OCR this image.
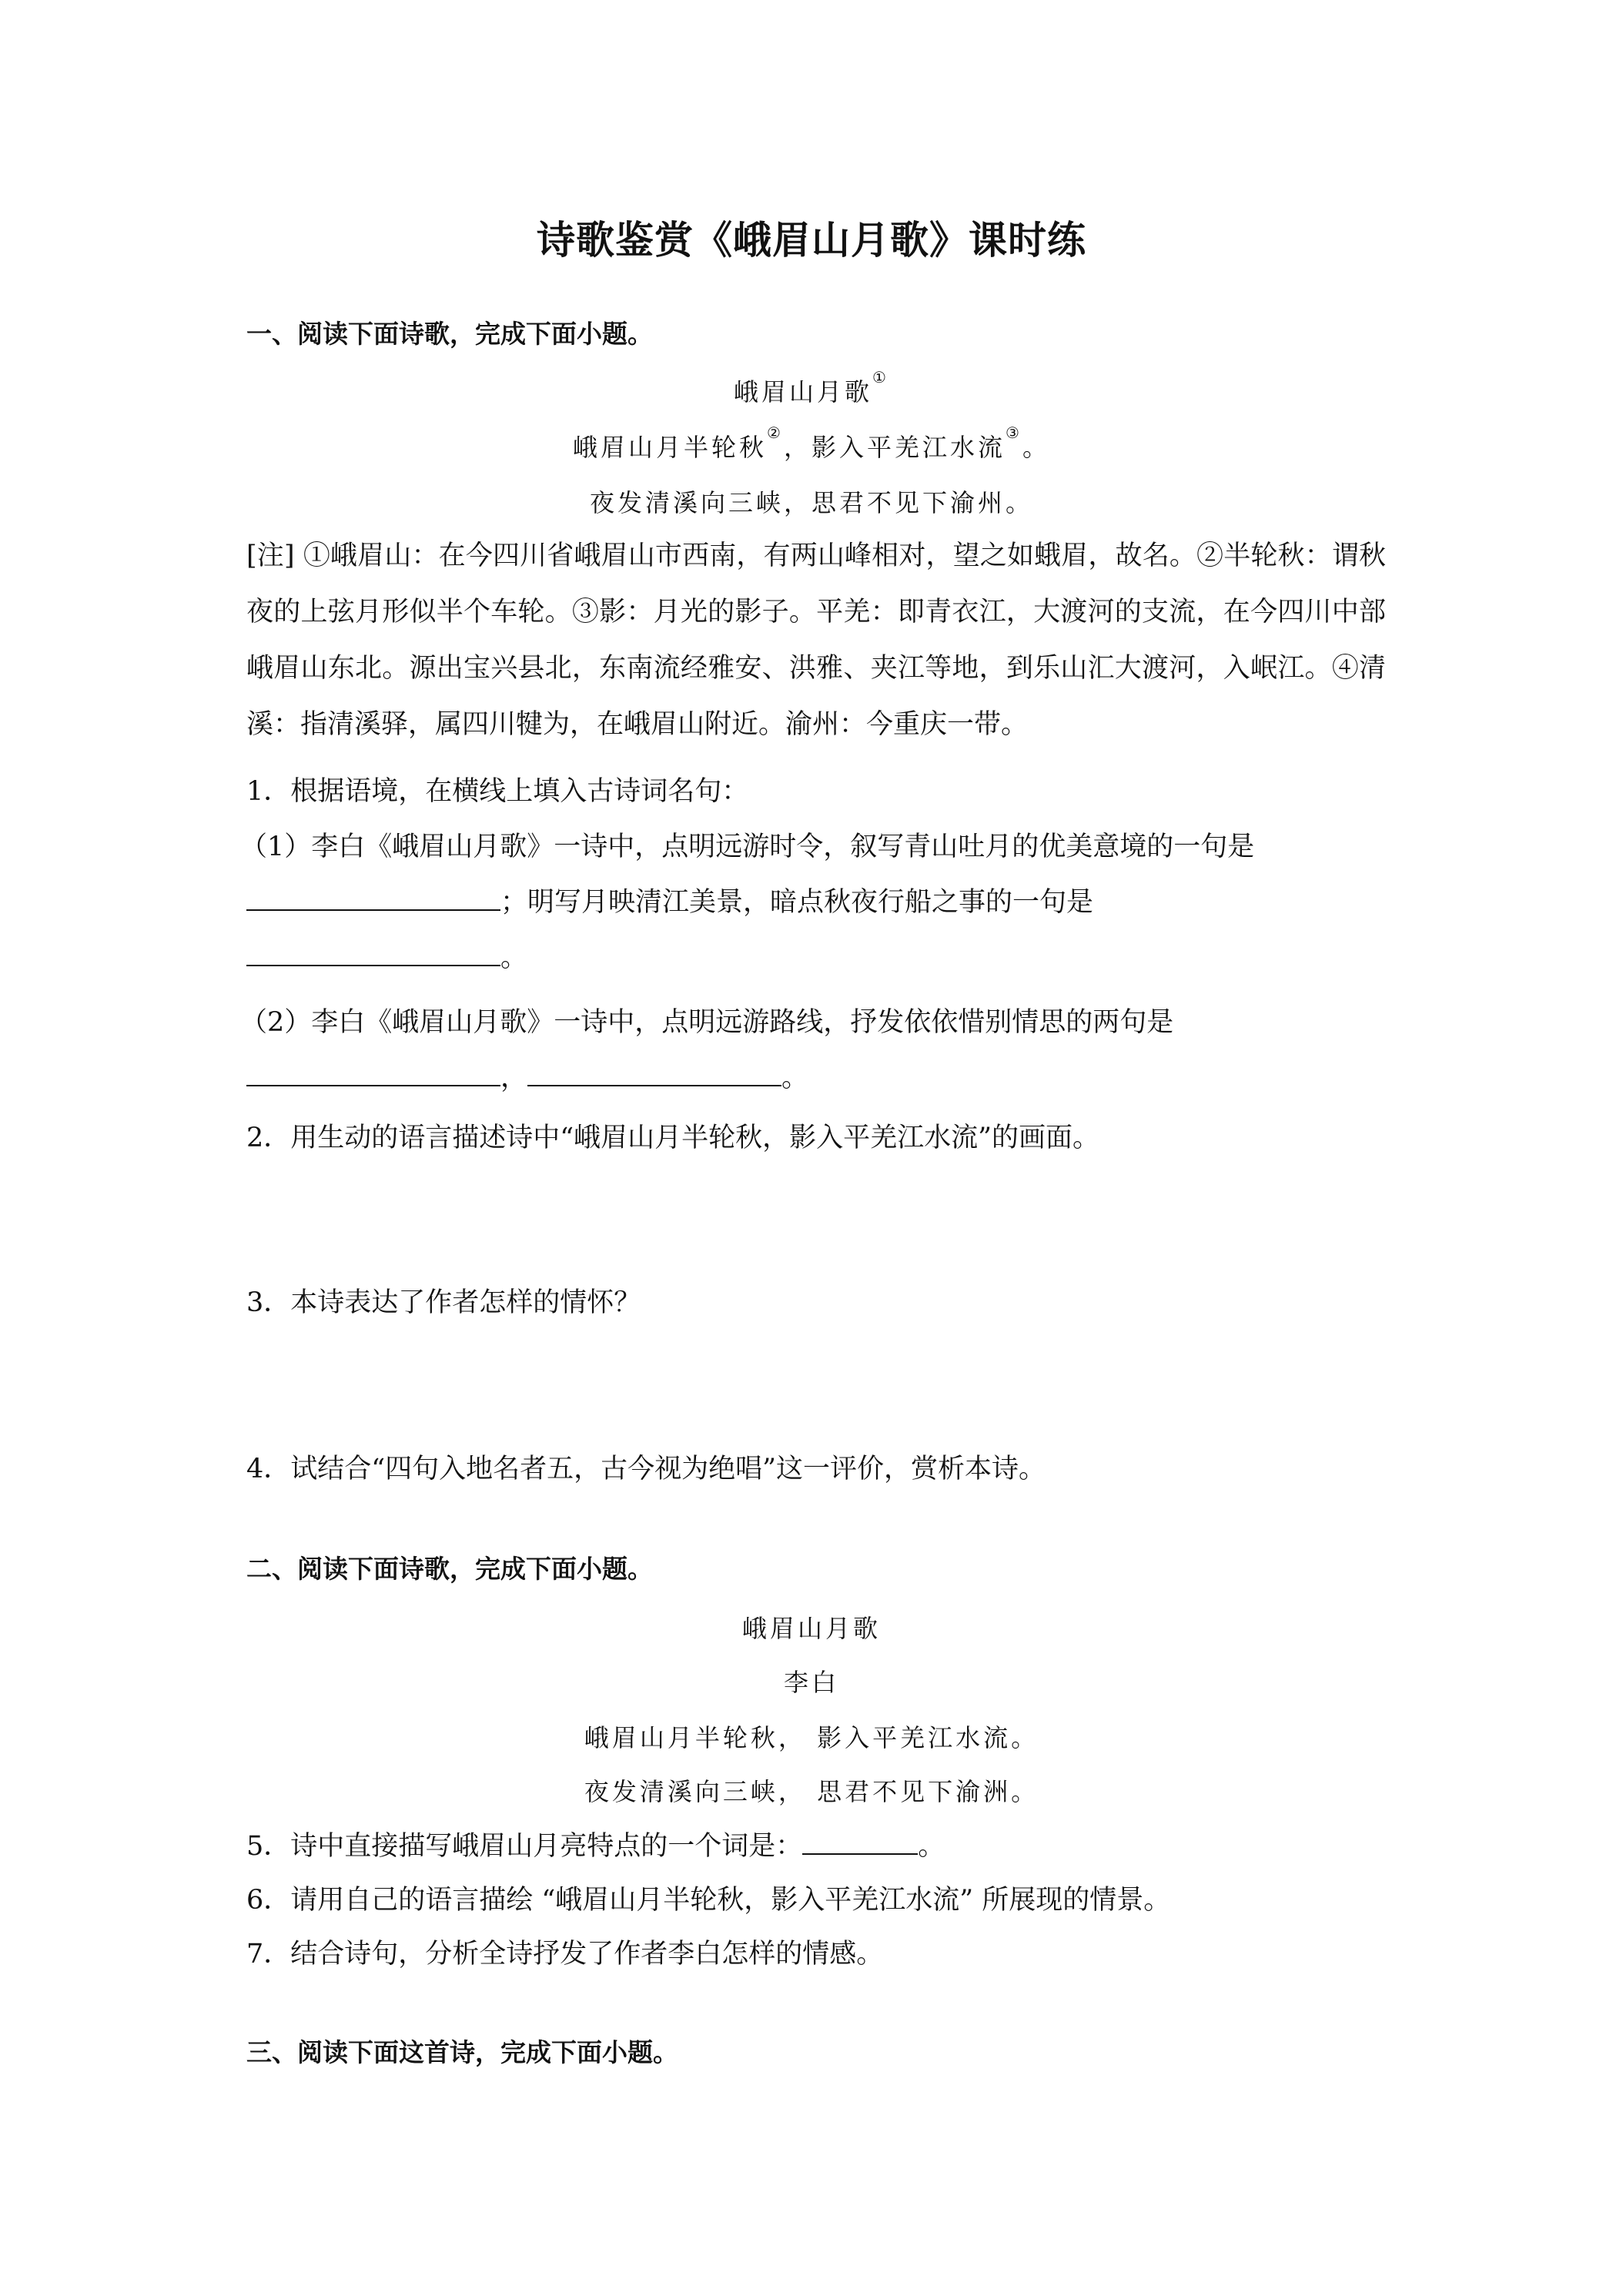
诗歌鉴赏《峨眉山月歌》课时练
一、阅读下面诗歌，完成下面小题。
峨眉山月歌①
峨眉山月半轮秋②，影入平羌江水流③。
夜发清溪向三峡，思君不见下渝州。
[注] ①峨眉山：在今四川省峨眉山市西南，有两山峰相对，望之如蛾眉，故名。②半轮秋：谓秋夜的上弦月形似半个车轮。③影：月光的影子。平羌：即青衣江，大渡河的支流，在今四川中部峨眉山东北。源出宝兴县北，东南流经雅安、洪雅、夹江等地，到乐山汇大渡河，入岷江。④清溪：指清溪驿，属四川犍为，在峨眉山附近。渝州：今重庆一带。
1．根据语境，在横线上填入古诗词名句：
（1）李白《峨眉山月歌》一诗中，点明远游时令，叙写青山吐月的优美意境的一句是
；明写月映清江美景，暗点秋夜行船之事的一句是
。
（2）李白《峨眉山月歌》一诗中，点明远游路线，抒发依依惜别情思的两句是
，	。
2．用生动的语言描述诗中“峨眉山月半轮秋，影入平羌江水流”的画面。
3．本诗表达了作者怎样的情怀？
4．试结合“四句入地名者五，古今视为绝唱”这一评价，赏析本诗。
二、阅读下面诗歌，完成下面小题。
峨眉山月歌
李白
峨眉山月半轮秋， 影入平羌江水流。
夜发清溪向三峡， 思君不见下渝洲。
5．诗中直接描写峨眉山月亮特点的一个词是：	。
6．请用自己的语言描绘 “峨眉山月半轮秋，影入平羌江水流” 所展现的情景。
7．结合诗句，分析全诗抒发了作者李白怎样的情感。
三、阅读下面这首诗，完成下面小题。
